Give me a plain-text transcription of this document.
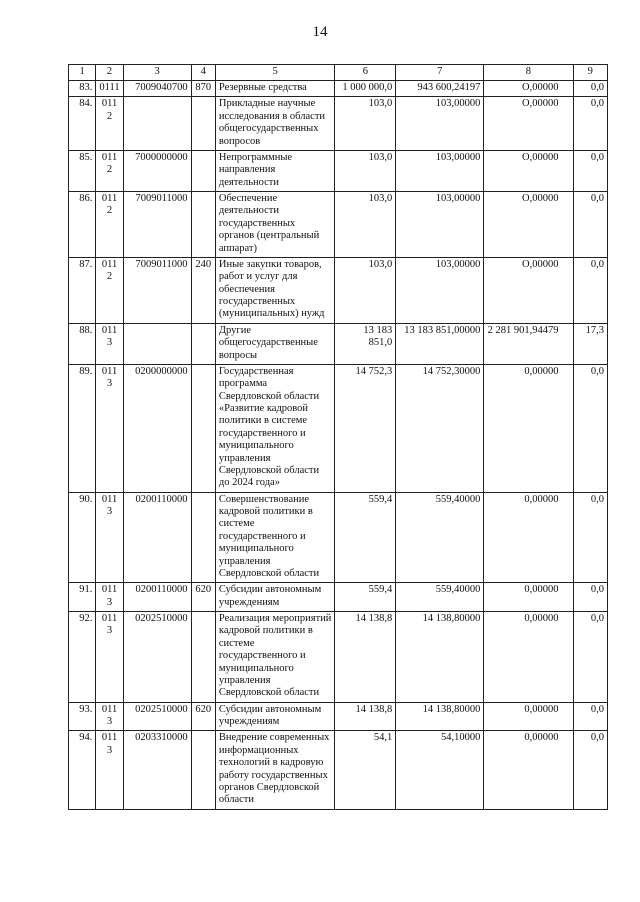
14
1	2	3	4	5	6	7	8	9
83.	0111	7009040700	870	Резервные средства	1 000 000,0	943 600,24197	О,00000	0,0
84.	0112			Прикладные научные исследования в области общегосударственных вопросов	103,0	103,00000	О,00000	0,0
85.	0112	7000000000		Непрограммные направления деятельности	103,0	103,00000	О,00000	0,0
86.	0112	7009011000		Обеспечение деятельности государственных органов (центральный аппарат)	103,0	103,00000	О,00000	0,0
87.	0112	7009011000	240	Иные закупки товаров, работ и услуг для обеспечения государственных (муниципальных) нужд	103,0	103,00000	О,00000	0,0
88.	0113			Другие общегосударственные вопросы	13 183 851,0	13 183 851,00000	2 281 901,94479	17,3
89.	0113	0200000000		Государственная программа Свердловской области «Развитие кадровой политики в системе государственного и муниципального управления Свердловской области до 2024 года»	14 752,3	14 752,30000	0,00000	0,0
90.	0113	0200110000		Совершенствование кадровой политики в системе государственного и муниципального управления Свердловской области	559,4	559,40000	0,00000	0,0
91.	0113	0200110000	620	Субсидии автономным учреждениям	559,4	559,40000	0,00000	0,0
92.	0113	0202510000		Реализация мероприятий кадровой политики в системе государственного и муниципального управления Свердловской области	14 138,8	14 138,80000	0,00000	0,0
93.	0113	0202510000	620	Субсидии автономным учреждениям	14 138,8	14 138,80000	0,00000	0,0
94.	0113	0203310000		Внедрение современных информационных технологий в кадровую работу государственных органов Свердловской области	54,1	54,10000	0,00000	0,0
